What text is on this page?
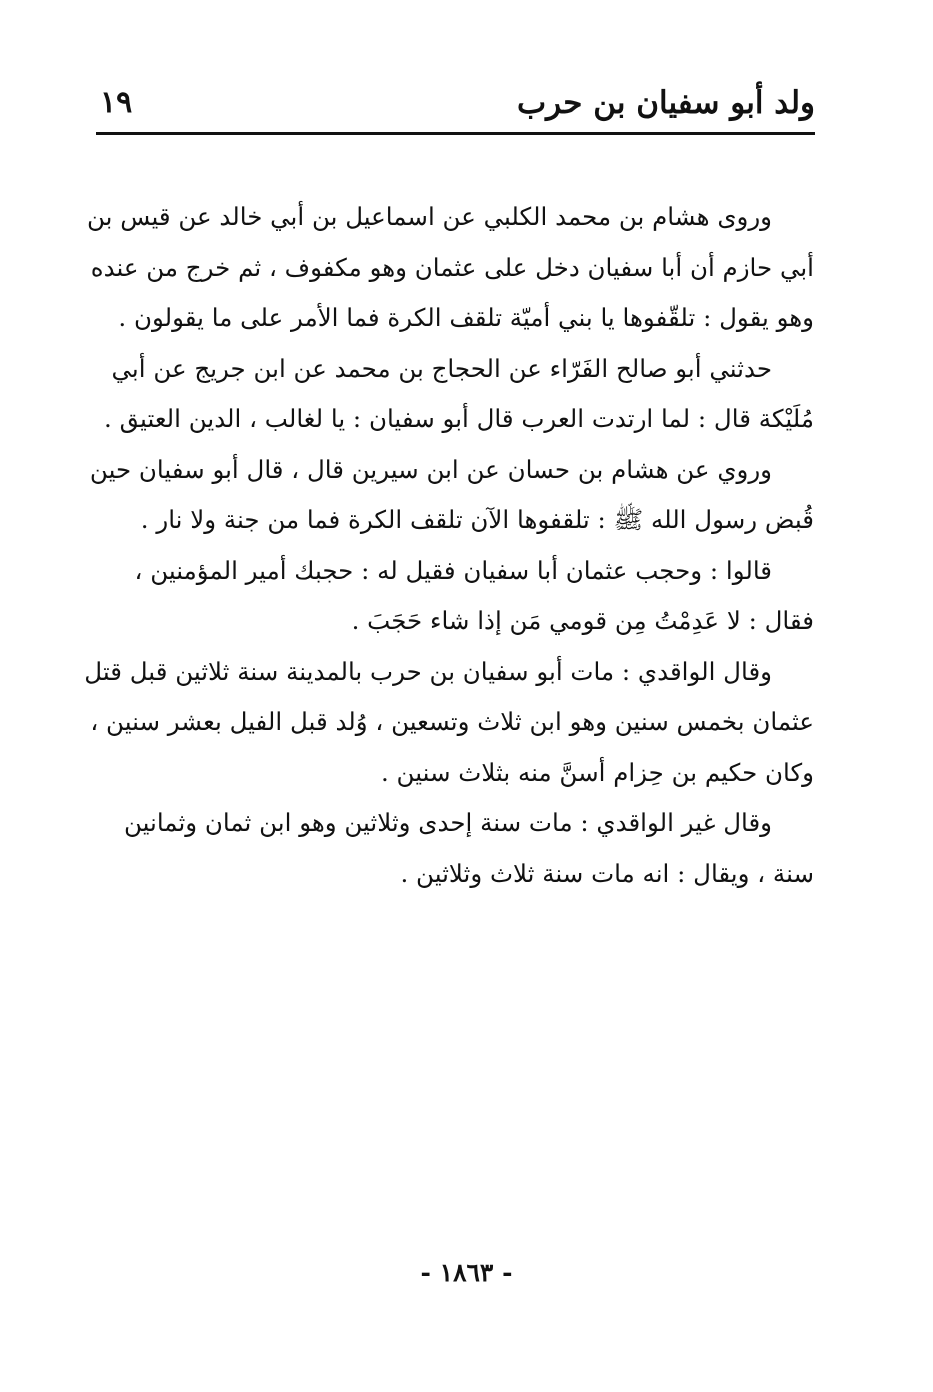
ولد أبو سفيان بن حرب
١٩
وروى هشام بن محمد الكلبي عن اسماعيل بن أبي خالد عن قيس بن
أبي حازم أن أبا سفيان دخل على عثمان وهو مكفوف ، ثم خرج من عنده
وهو يقول : تلقّفوها يا بني أميّة تلقف الكرة فما الأمر على ما يقولون .
حدثني أبو صالح الفَرّاء عن الحجاج بن محمد عن ابن جريج عن أبي
مُلَيْكة قال : لما ارتدت العرب قال أبو سفيان : يا لغالب ، الدين العتيق .
وروي عن هشام بن حسان عن ابن سيرين قال ، قال أبو سفيان حين
قُبض رسول الله ﷺ : تلقفوها الآن تلقف الكرة فما من جنة ولا نار .
قالوا : وحجب عثمان أبا سفيان فقيل له : حجبك أمير المؤمنين ،
فقال : لا عَدِمْتُ مِن قومي مَن إذا شاء حَجَبَ .
وقال الواقدي : مات أبو سفيان بن حرب بالمدينة سنة ثلاثين قبل قتل
عثمان بخمس سنين وهو ابن ثلاث وتسعين ، وُلد قبل الفيل بعشر سنين ،
وكان حكيم بن حِزام أسنَّ منه بثلاث سنين .
وقال غير الواقدي : مات سنة إحدى وثلاثين وهو ابن ثمان وثمانين
سنة ، ويقال : انه مات سنة ثلاث وثلاثين .
- ١٨٦٣ -
